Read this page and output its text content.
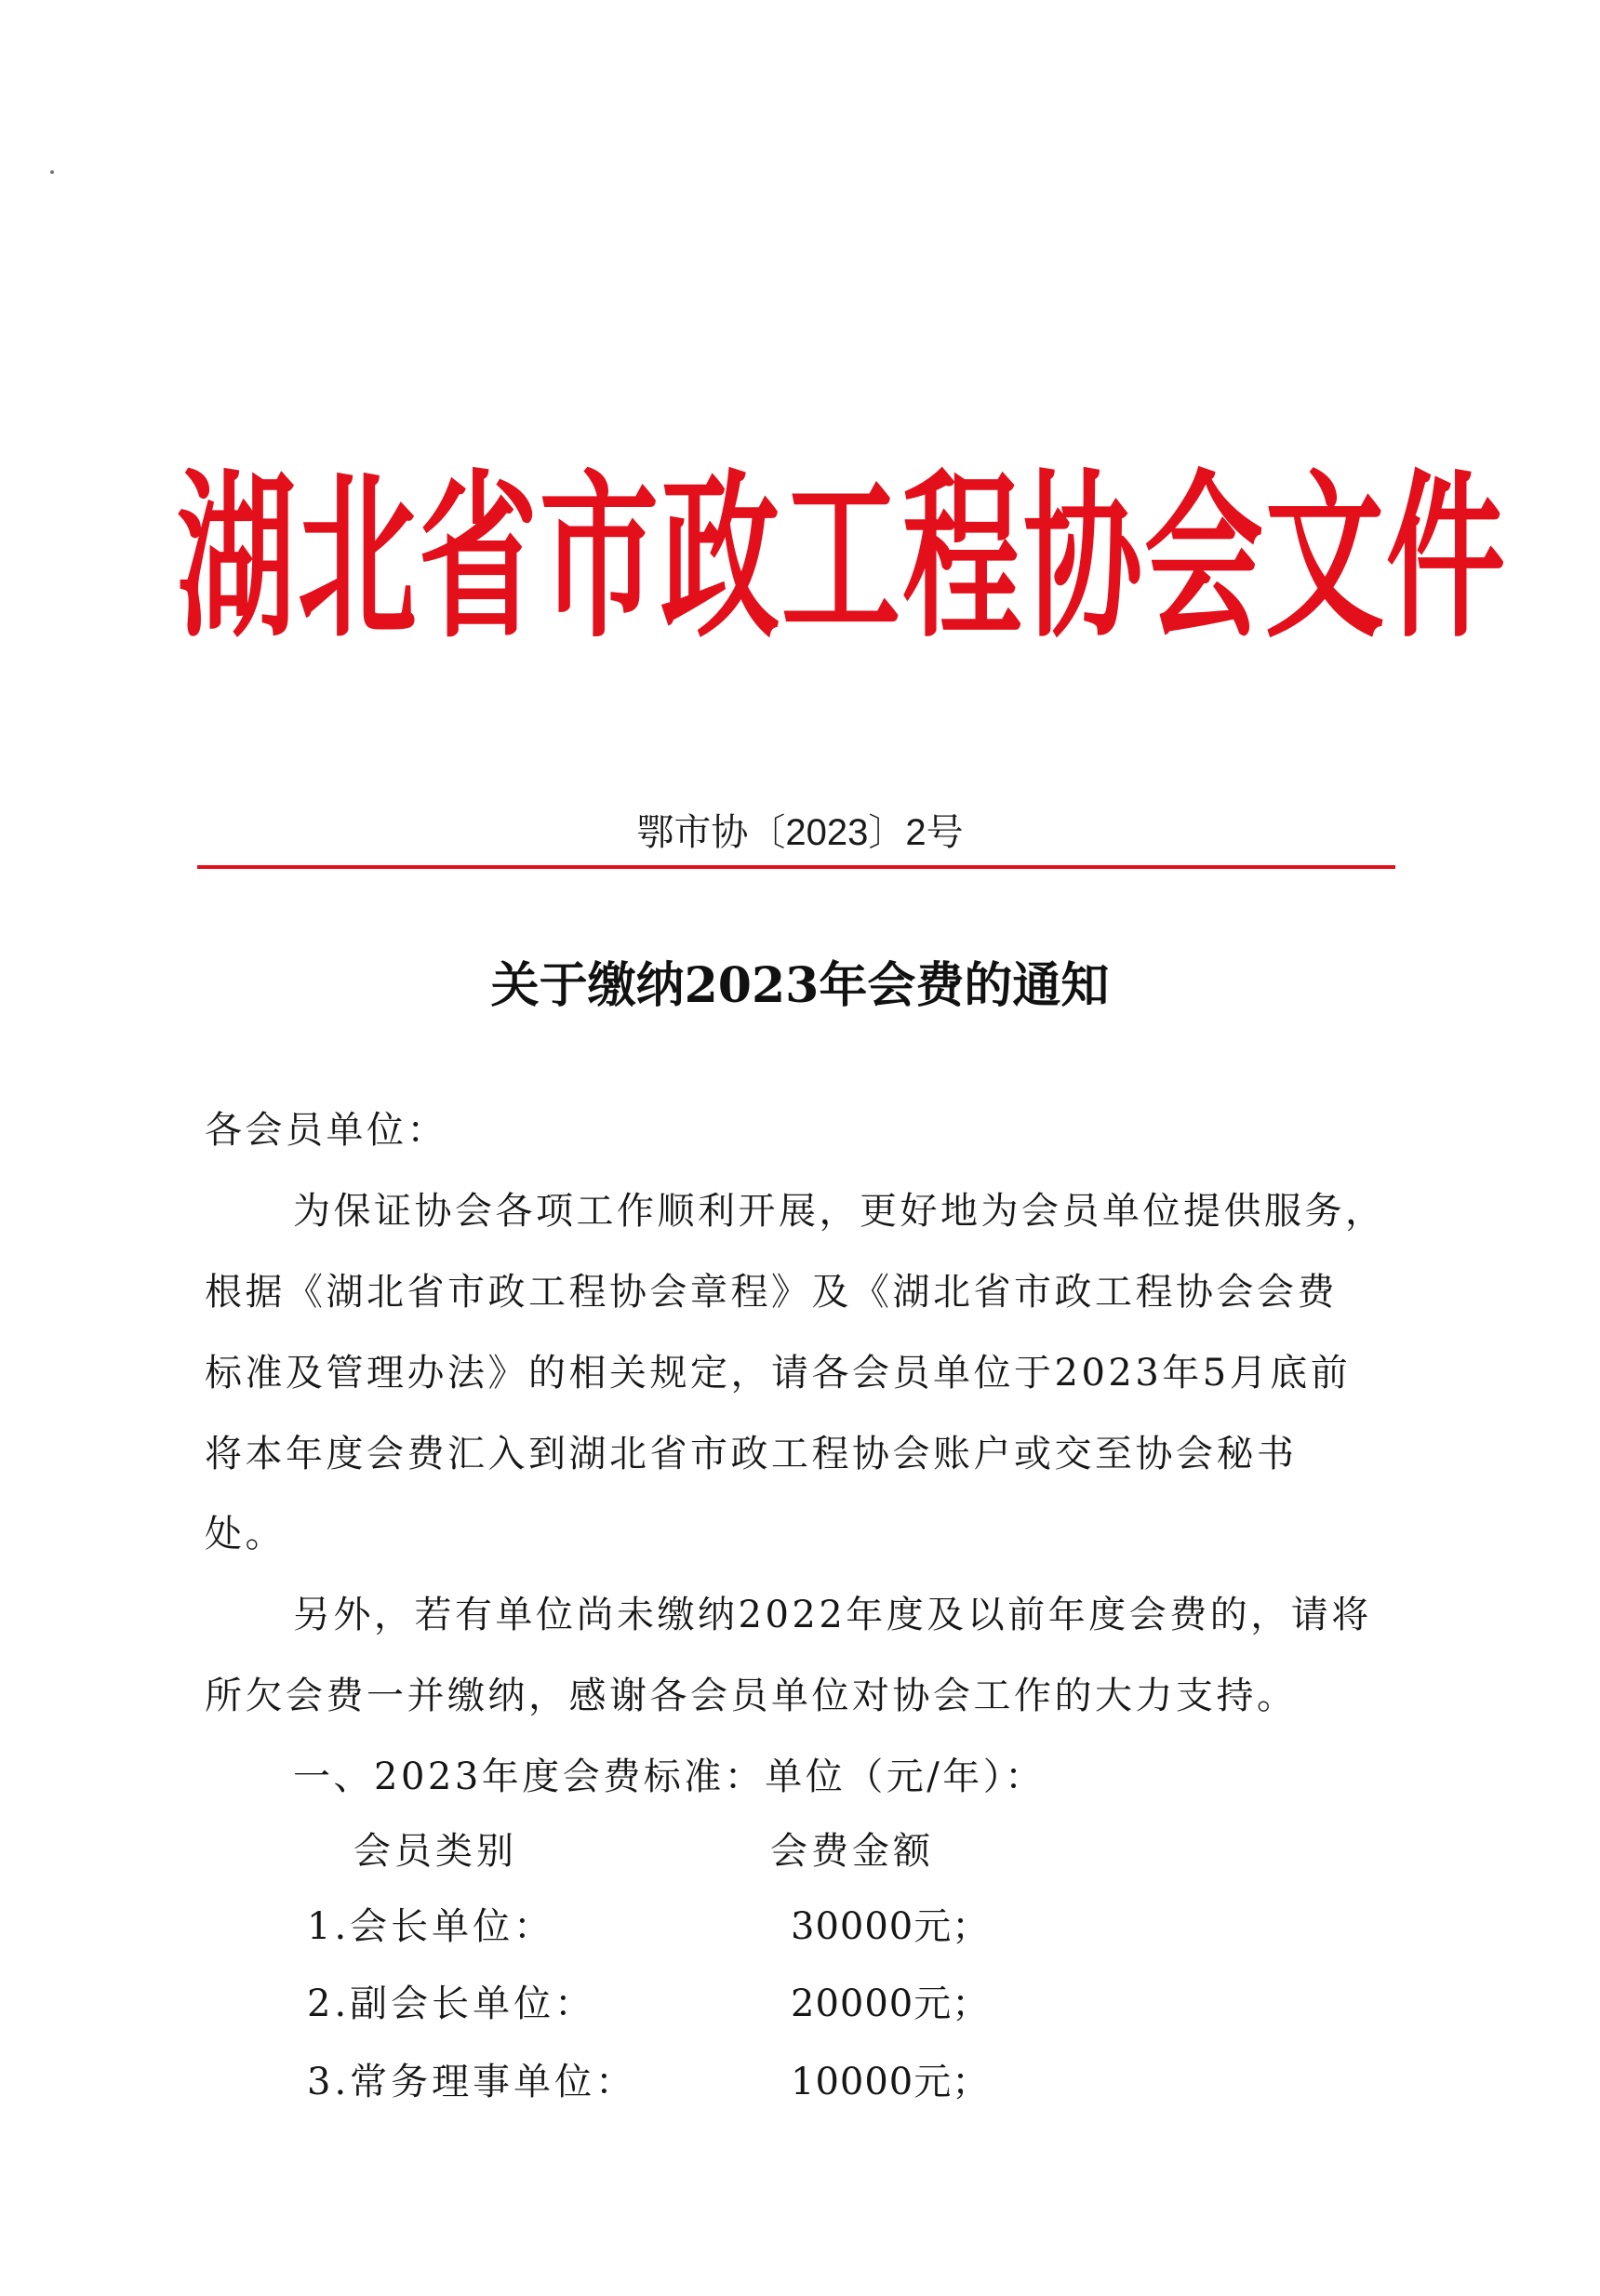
湖北省市政工程协会文件
鄂市协〔2023〕2号
关于缴纳2023年会费的通知
各会员单位：
为保证协会各项工作顺利开展，更好地为会员单位提供服务，
根据《湖北省市政工程协会章程》及《湖北省市政工程协会会费
标准及管理办法》的相关规定，请各会员单位于2023年5月底前
将本年度会费汇入到湖北省市政工程协会账户或交至协会秘书
处。
另外，若有单位尚未缴纳2022年度及以前年度会费的，请将
所欠会费一并缴纳，感谢各会员单位对协会工作的大力支持。
一、2023年度会费标准：单位（元/年）：
会员类别	会费金额
1.会长单位：	30000元；
2.副会长单位：	20000元；
3.常务理事单位：	10000元；
